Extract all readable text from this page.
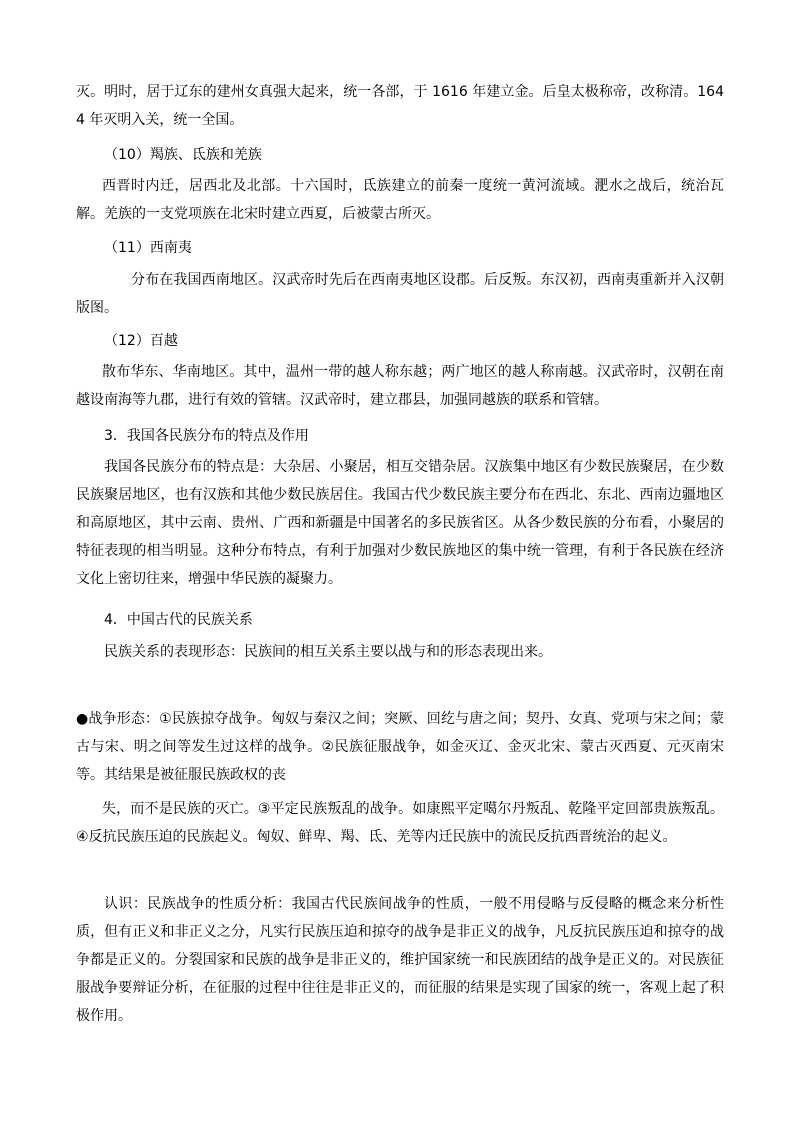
灭。明时，居于辽东的建州女真强大起来，统一各部，于 1616 年建立金。后皇太极称帝，改称清。1644 年灭明入关，统一全国。

（10）羯族、氐族和羌族

西晋时内迁，居西北及北部。十六国时，氐族建立的前秦一度统一黄河流域。淝水之战后，统治瓦解。羌族的一支党项族在北宋时建立西夏，后被蒙古所灭。

（11）西南夷

分布在我国西南地区。汉武帝时先后在西南夷地区设郡。后反叛。东汉初，西南夷重新并入汉朝版图。

（12）百越

散布华东、华南地区。其中，温州一带的越人称东越；两广地区的越人称南越。汉武帝时，汉朝在南越设南海等九郡，进行有效的管辖。汉武帝时，建立郡县，加强同越族的联系和管辖。

3．我国各民族分布的特点及作用

我国各民族分布的特点是：大杂居、小聚居，相互交错杂居。汉族集中地区有少数民族聚居，在少数民族聚居地区，也有汉族和其他少数民族居住。我国古代少数民族主要分布在西北、东北、西南边疆地区和高原地区，其中云南、贵州、广西和新疆是中国著名的多民族省区。从各少数民族的分布看，小聚居的特征表现的相当明显。这种分布特点，有利于加强对少数民族地区的集中统一管理，有利于各民族在经济文化上密切往来，增强中华民族的凝聚力。

4．中国古代的民族关系

民族关系的表现形态：民族间的相互关系主要以战与和的形态表现出来。

●战争形态：①民族掠夺战争。匈奴与秦汉之间；突厥、回纥与唐之间；契丹、女真、党项与宋之间；蒙古与宋、明之间等发生过这样的战争。②民族征服战争，如金灭辽、金灭北宋、蒙古灭西夏、元灭南宋等。其结果是被征服民族政权的丧

失，而不是民族的灭亡。③平定民族叛乱的战争。如康熙平定噶尔丹叛乱、乾隆平定回部贵族叛乱。④反抗民族压迫的民族起义。匈奴、鲜卑、羯、氐、羌等内迁民族中的流民反抗西晋统治的起义。

认识：民族战争的性质分析：我国古代民族间战争的性质，一般不用侵略与反侵略的概念来分析性质，但有正义和非正义之分，凡实行民族压迫和掠夺的战争是非正义的战争，凡反抗民族压迫和掠夺的战争都是正义的。分裂国家和民族的战争是非正义的，维护国家统一和民族团结的战争是正义的。对民族征服战争要辩证分析，在征服的过程中往往是非正义的，而征服的结果是实现了国家的统一，客观上起了积极作用。
